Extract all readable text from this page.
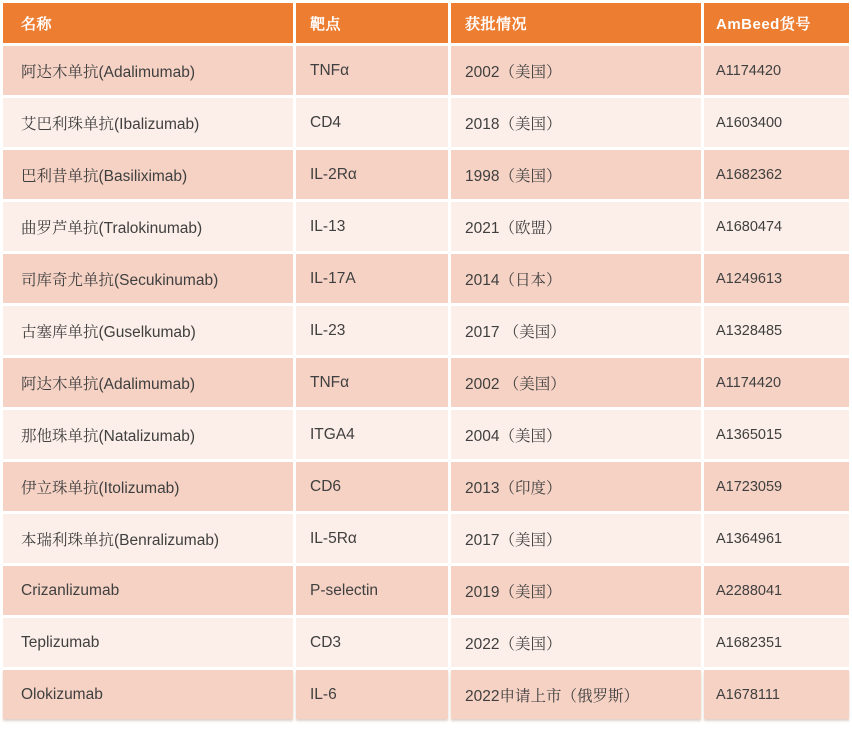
名称	靶点	获批情况	AmBeed货号
阿达木单抗(Adalimumab)	TNFα	2002（美国）	A1174420
艾巴利珠单抗(Ibalizumab)	CD4	2018（美国）	A1603400
巴利昔单抗(Basiliximab)	IL-2Rα	1998（美国）	A1682362
曲罗芦单抗(Tralokinumab)	IL-13	2021（欧盟）	A1680474
司库奇尤单抗(Secukinumab)	IL-17A	2014（日本）	A1249613
古塞库单抗(Guselkumab)	IL-23	2017 （美国）	A1328485
阿达木单抗(Adalimumab)	TNFα	2002 （美国）	A1174420
那他珠单抗(Natalizumab)	ITGA4	2004（美国）	A1365015
伊立珠单抗(Itolizumab)	CD6	2013（印度）	A1723059
本瑞利珠单抗(Benralizumab)	IL-5Rα	2017（美国）	A1364961
Crizanlizumab	P-selectin	2019（美国）	A2288041
Teplizumab	CD3	2022（美国）	A1682351
Olokizumab	IL-6	2022申请上市（俄罗斯）	A1678111
